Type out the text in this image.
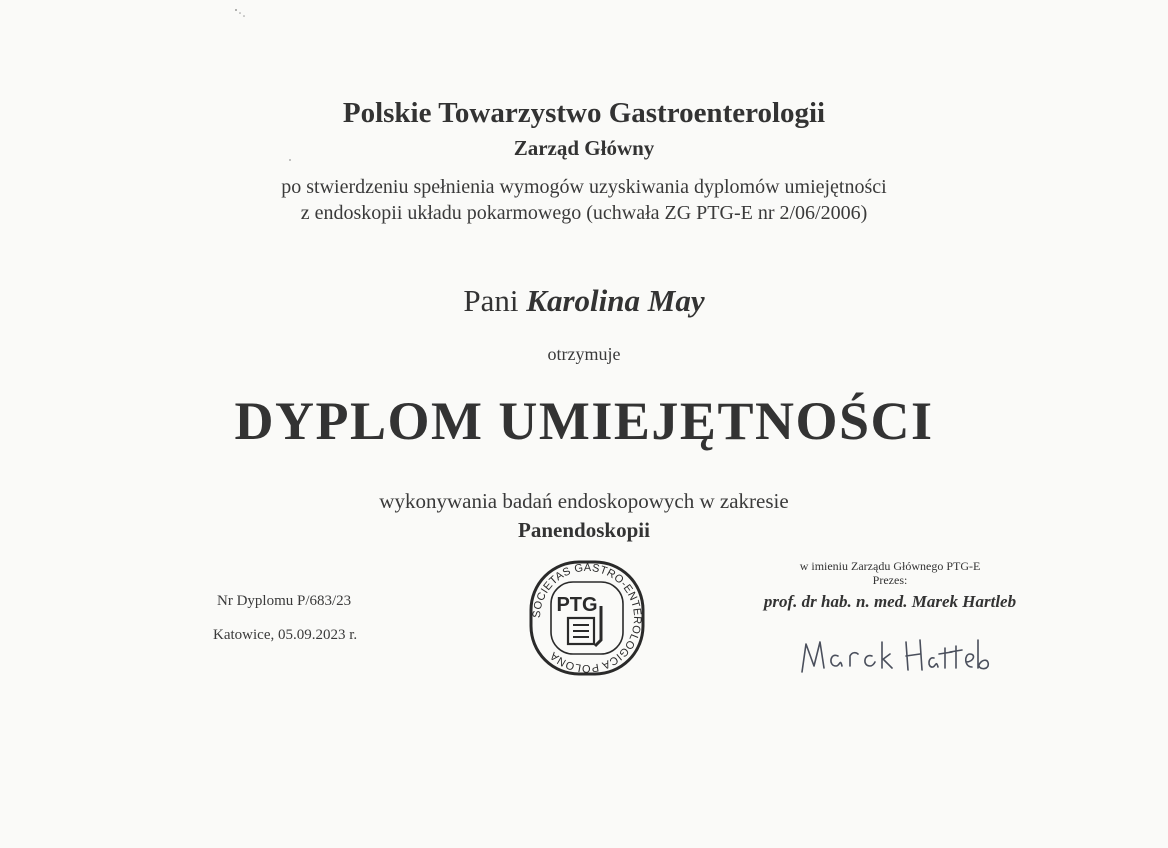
Polskie Towarzystwo Gastroenterologii
Zarząd Główny
po stwierdzeniu spełnienia wymogów uzyskiwania dyplomów umiejętności
z endoskopii układu pokarmowego (uchwała ZG PTG-E nr 2/06/2006)
Pani Karolina May
otrzymuje
DYPLOM UMIEJĘTNOŚCI
wykonywania badań endoskopowych w zakresie
Panendoskopii
Nr Dyplomu P/683/23
Katowice, 05.09.2023 r.
SOCIETAS GASTRO-ENTEROLOGICA POLONA
PTG
w imieniu Zarządu Głównego PTG-E
Prezes:
prof. dr hab. n. med. Marek Hartleb
